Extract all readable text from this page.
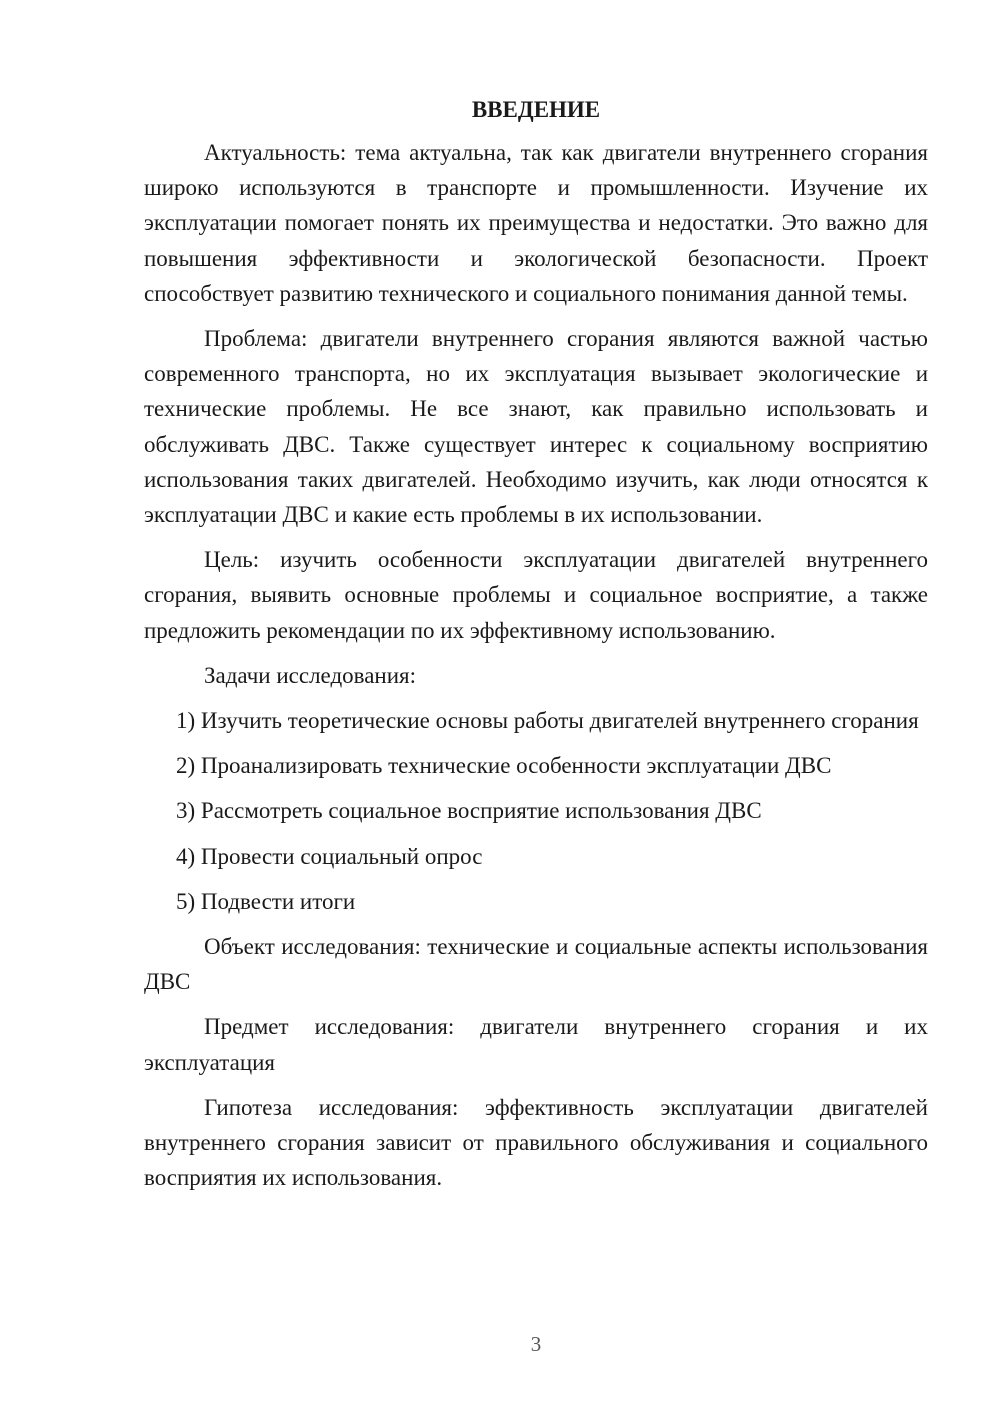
ВВЕДЕНИЕ

Актуальность: тема актуальна, так как двигатели внутреннего сгорания широко используются в транспорте и промышленности. Изучение их эксплуатации помогает понять их преимущества и недостатки. Это важно для повышения эффективности и экологической безопасности. Проект способствует развитию технического и социального понимания данной темы.

Проблема: двигатели внутреннего сгорания являются важной частью современного транспорта, но их эксплуатация вызывает экологические и технические проблемы. Не все знают, как правильно использовать и обслуживать ДВС. Также существует интерес к социальному восприятию использования таких двигателей. Необходимо изучить, как люди относятся к эксплуатации ДВС и какие есть проблемы в их использовании.

Цель: изучить особенности эксплуатации двигателей внутреннего сгорания, выявить основные проблемы и социальное восприятие, а также предложить рекомендации по их эффективному использованию.

Задачи исследования:

1) Изучить теоретические основы работы двигателей внутреннего сгорания

2) Проанализировать технические особенности эксплуатации ДВС

3) Рассмотреть социальное восприятие использования ДВС

4) Провести социальный опрос

5) Подвести итоги

Объект исследования: технические и социальные аспекты использования ДВС

Предмет исследования: двигатели внутреннего сгорания и их эксплуатация

Гипотеза исследования: эффективность эксплуатации двигателей внутреннего сгорания зависит от правильного обслуживания и социального восприятия их использования.

3
